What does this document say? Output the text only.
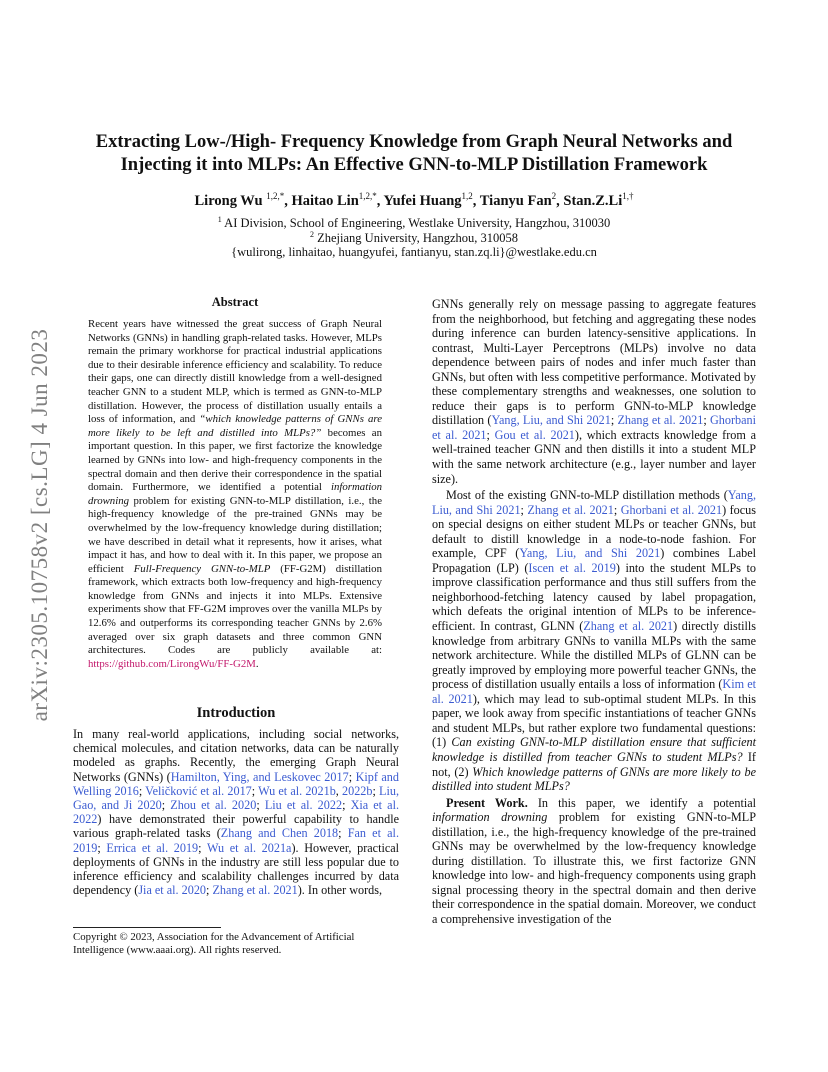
arXiv:2305.10758v2 [cs.LG] 4 Jun 2023
Extracting Low-/High- Frequency Knowledge from Graph Neural Networks and
Injecting it into MLPs: An Effective GNN-to-MLP Distillation Framework
Lirong Wu $^{1,2,*}$, Haitao Lin$^{1,2,*}$, Yufei Huang$^{1,2}$, Tianyu Fan$^2$, $Stan.Z.Li^{1,\dagger}$
$^1$ AI Division, School of Engineering, Westlake University, Hangzhou, 310030
$^2$ Zhejiang University, Hangzhou, 310058
{wulirong, linhaitao, huangyufei, fantianyu, stan.zq.li}@westlake.edu.cn
Abstract

Recent years have witnessed the great success of Graph Neural Networks (GNNs) in handling graph-related tasks. However, MLPs remain the primary workhorse for practical industrial applications due to their desirable inference efficiency and scalability. To reduce their gaps, one can directly distill knowledge from a well-designed teacher GNN to a student MLP, which is termed as GNN-to-MLP distillation. However, the process of distillation usually entails a loss of information, and “which knowledge patterns of GNNs are more likely to be left and distilled into MLPs?” becomes an important question. In this paper, we first factorize the knowledge learned by GNNs into low- and high-frequency components in the spectral domain and then derive their correspondence in the spatial domain. Furthermore, we identified a potential information drowning problem for existing GNN-to-MLP distillation, i.e., the high-frequency knowledge of the pre-trained GNNs may be overwhelmed by the low-frequency knowledge during distillation; we have described in detail what it represents, how it arises, what impact it has, and how to deal with it. In this paper, we propose an efficient Full-Frequency GNN-to-MLP (FF-G2M) distillation framework, which extracts both low-frequency and high-frequency knowledge from GNNs and injects it into MLPs. Extensive experiments show that FF-G2M improves over the vanilla MLPs by 12.6% and outperforms its corresponding teacher GNNs by 2.6% averaged over six graph datasets and three common GNN architectures. Codes are publicly available at: https://github.com/LirongWu/FF-G2M.

Introduction

In many real-world applications, including social networks, chemical molecules, and citation networks, data can be naturally modeled as graphs. Recently, the emerging Graph Neural Networks (GNNs) (Hamilton, Ying, and Leskovec 2017; Kipf and Welling 2016; Veličković et al. 2017; Wu et al. 2021b, 2022b; Liu, Gao, and Ji 2020; Zhou et al. 2020; Liu et al. 2022; Xia et al. 2022) have demonstrated their powerful capability to handle various graph-related tasks (Zhang and Chen 2018; Fan et al. 2019; Errica et al. 2019; Wu et al. 2021a). However, practical deployments of GNNs in the industry are still less popular due to inference efficiency and scalability challenges incurred by data dependency (Jia et al. 2020; Zhang et al. 2021). In other words,

Copyright © 2023, Association for the Advancement of Artificial Intelligence (www.aaai.org). All rights reserved.

GNNs generally rely on message passing to aggregate features from the neighborhood, but fetching and aggregating these nodes during inference can burden latency-sensitive applications. In contrast, Multi-Layer Perceptrons (MLPs) involve no data dependence between pairs of nodes and infer much faster than GNNs, but often with less competitive performance. Motivated by these complementary strengths and weaknesses, one solution to reduce their gaps is to perform GNN-to-MLP knowledge distillation (Yang, Liu, and Shi 2021; Zhang et al. 2021; Ghorbani et al. 2021; Gou et al. 2021), which extracts knowledge from a well-trained teacher GNN and then distills it into a student MLP with the same network architecture (e.g., layer number and layer size).

Most of the existing GNN-to-MLP distillation methods (Yang, Liu, and Shi 2021; Zhang et al. 2021; Ghorbani et al. 2021) focus on special designs on either student MLPs or teacher GNNs, but default to distill knowledge in a node-to-node fashion. For example, CPF (Yang, Liu, and Shi 2021) combines Label Propagation (LP) (Iscen et al. 2019) into the student MLPs to improve classification performance and thus still suffers from the neighborhood-fetching latency caused by label propagation, which defeats the original intention of MLPs to be inference-efficient. In contrast, GLNN (Zhang et al. 2021) directly distills knowledge from arbitrary GNNs to vanilla MLPs with the same network architecture. While the distilled MLPs of GLNN can be greatly improved by employing more powerful teacher GNNs, the process of distillation usually entails a loss of information (Kim et al. 2021), which may lead to sub-optimal student MLPs. In this paper, we look away from specific instantiations of teacher GNNs and student MLPs, but rather explore two fundamental questions: (1) Can existing GNN-to-MLP distillation ensure that sufficient knowledge is distilled from teacher GNNs to student MLPs? If not, (2) Which knowledge patterns of GNNs are more likely to be distilled into student MLPs?

Present Work. In this paper, we identify a potential information drowning problem for existing GNN-to-MLP distillation, i.e., the high-frequency knowledge of the pre-trained GNNs may be overwhelmed by the low-frequency knowledge during distillation. To illustrate this, we first factorize GNN knowledge into low- and high-frequency components using graph signal processing theory in the spectral domain and then derive their correspondence in the spatial domain. Moreover, we conduct a comprehensive investigation of the
